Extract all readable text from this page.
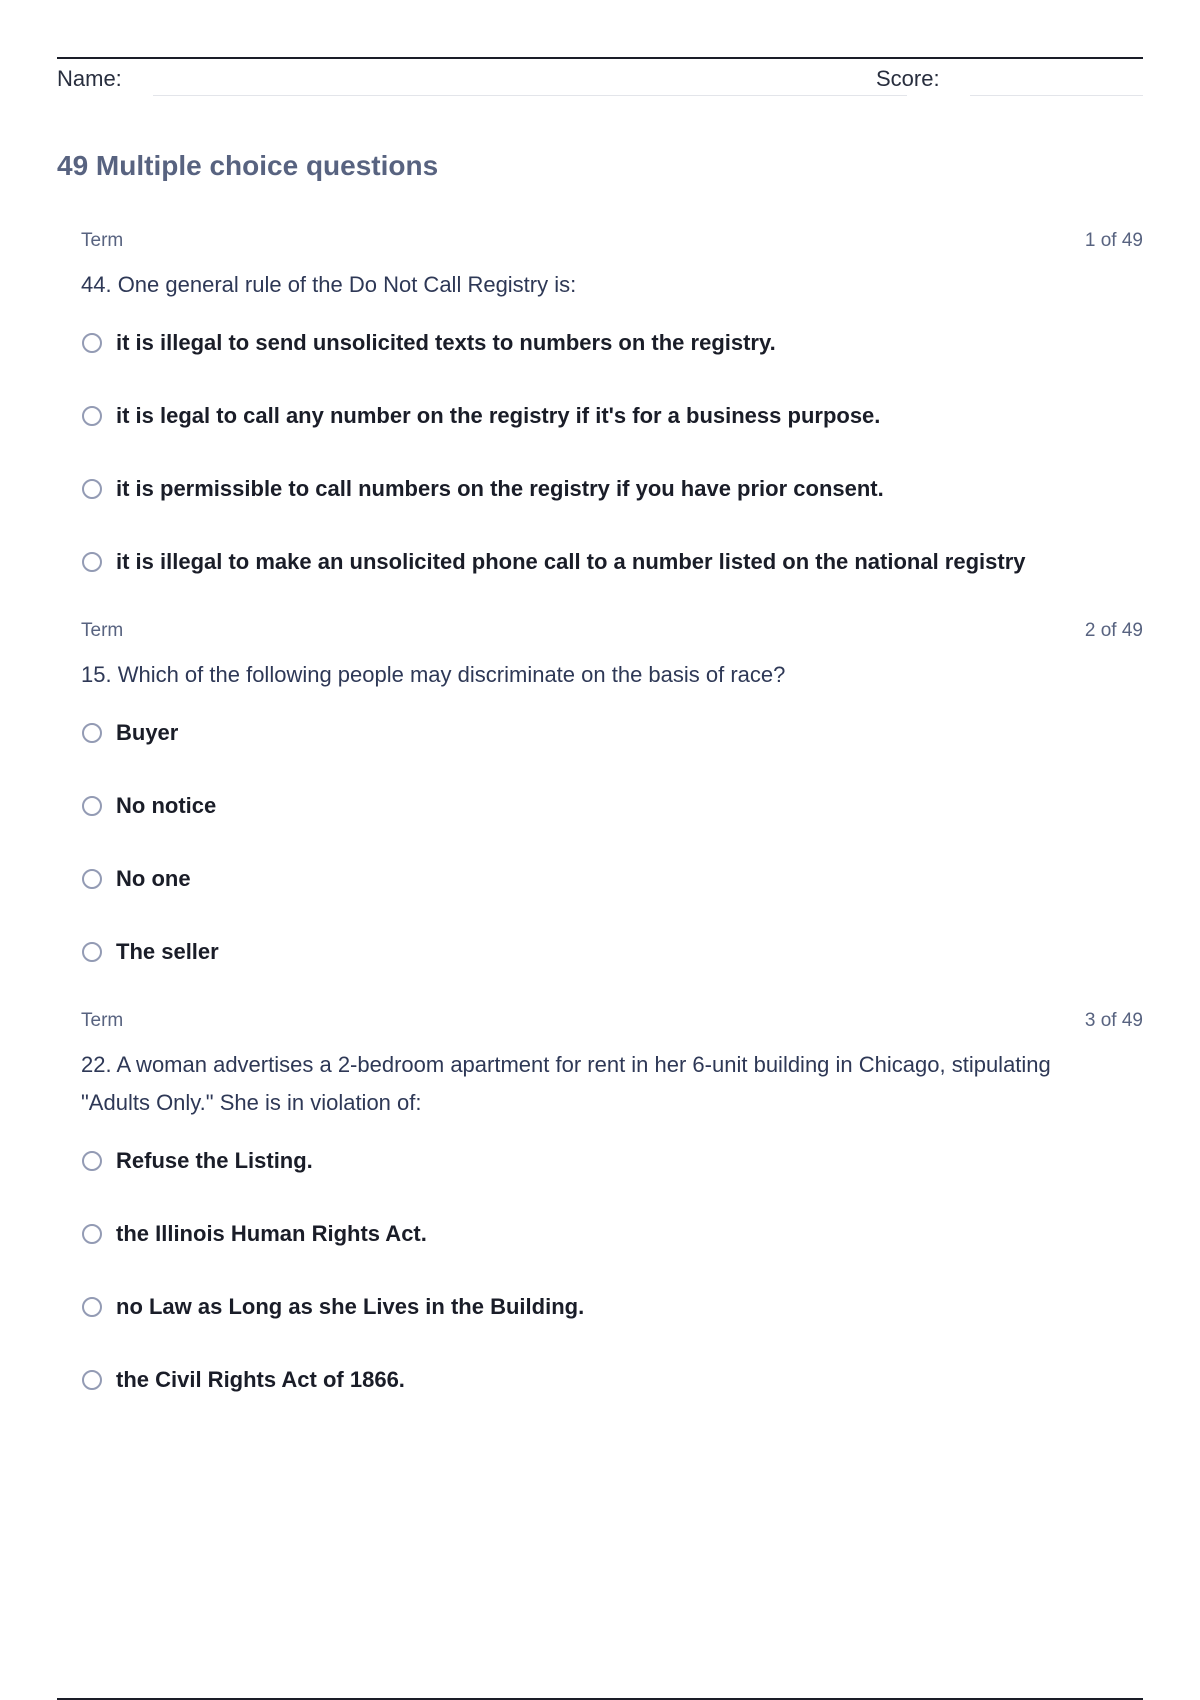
Name:	Score:
49 Multiple choice questions
Term	1 of 49
44. One general rule of the Do Not Call Registry is:
it is illegal to send unsolicited texts to numbers on the registry.
it is legal to call any number on the registry if it's for a business purpose.
it is permissible to call numbers on the registry if you have prior consent.
it is illegal to make an unsolicited phone call to a number listed on the national registry
Term	2 of 49
15. Which of the following people may discriminate on the basis of race?
Buyer
No notice
No one
The seller
Term	3 of 49
22. A woman advertises a 2-bedroom apartment for rent in her 6-unit building in Chicago, stipulating "Adults Only." She is in violation of:
Refuse the Listing.
the Illinois Human Rights Act.
no Law as Long as she Lives in the Building.
the Civil Rights Act of 1866.
